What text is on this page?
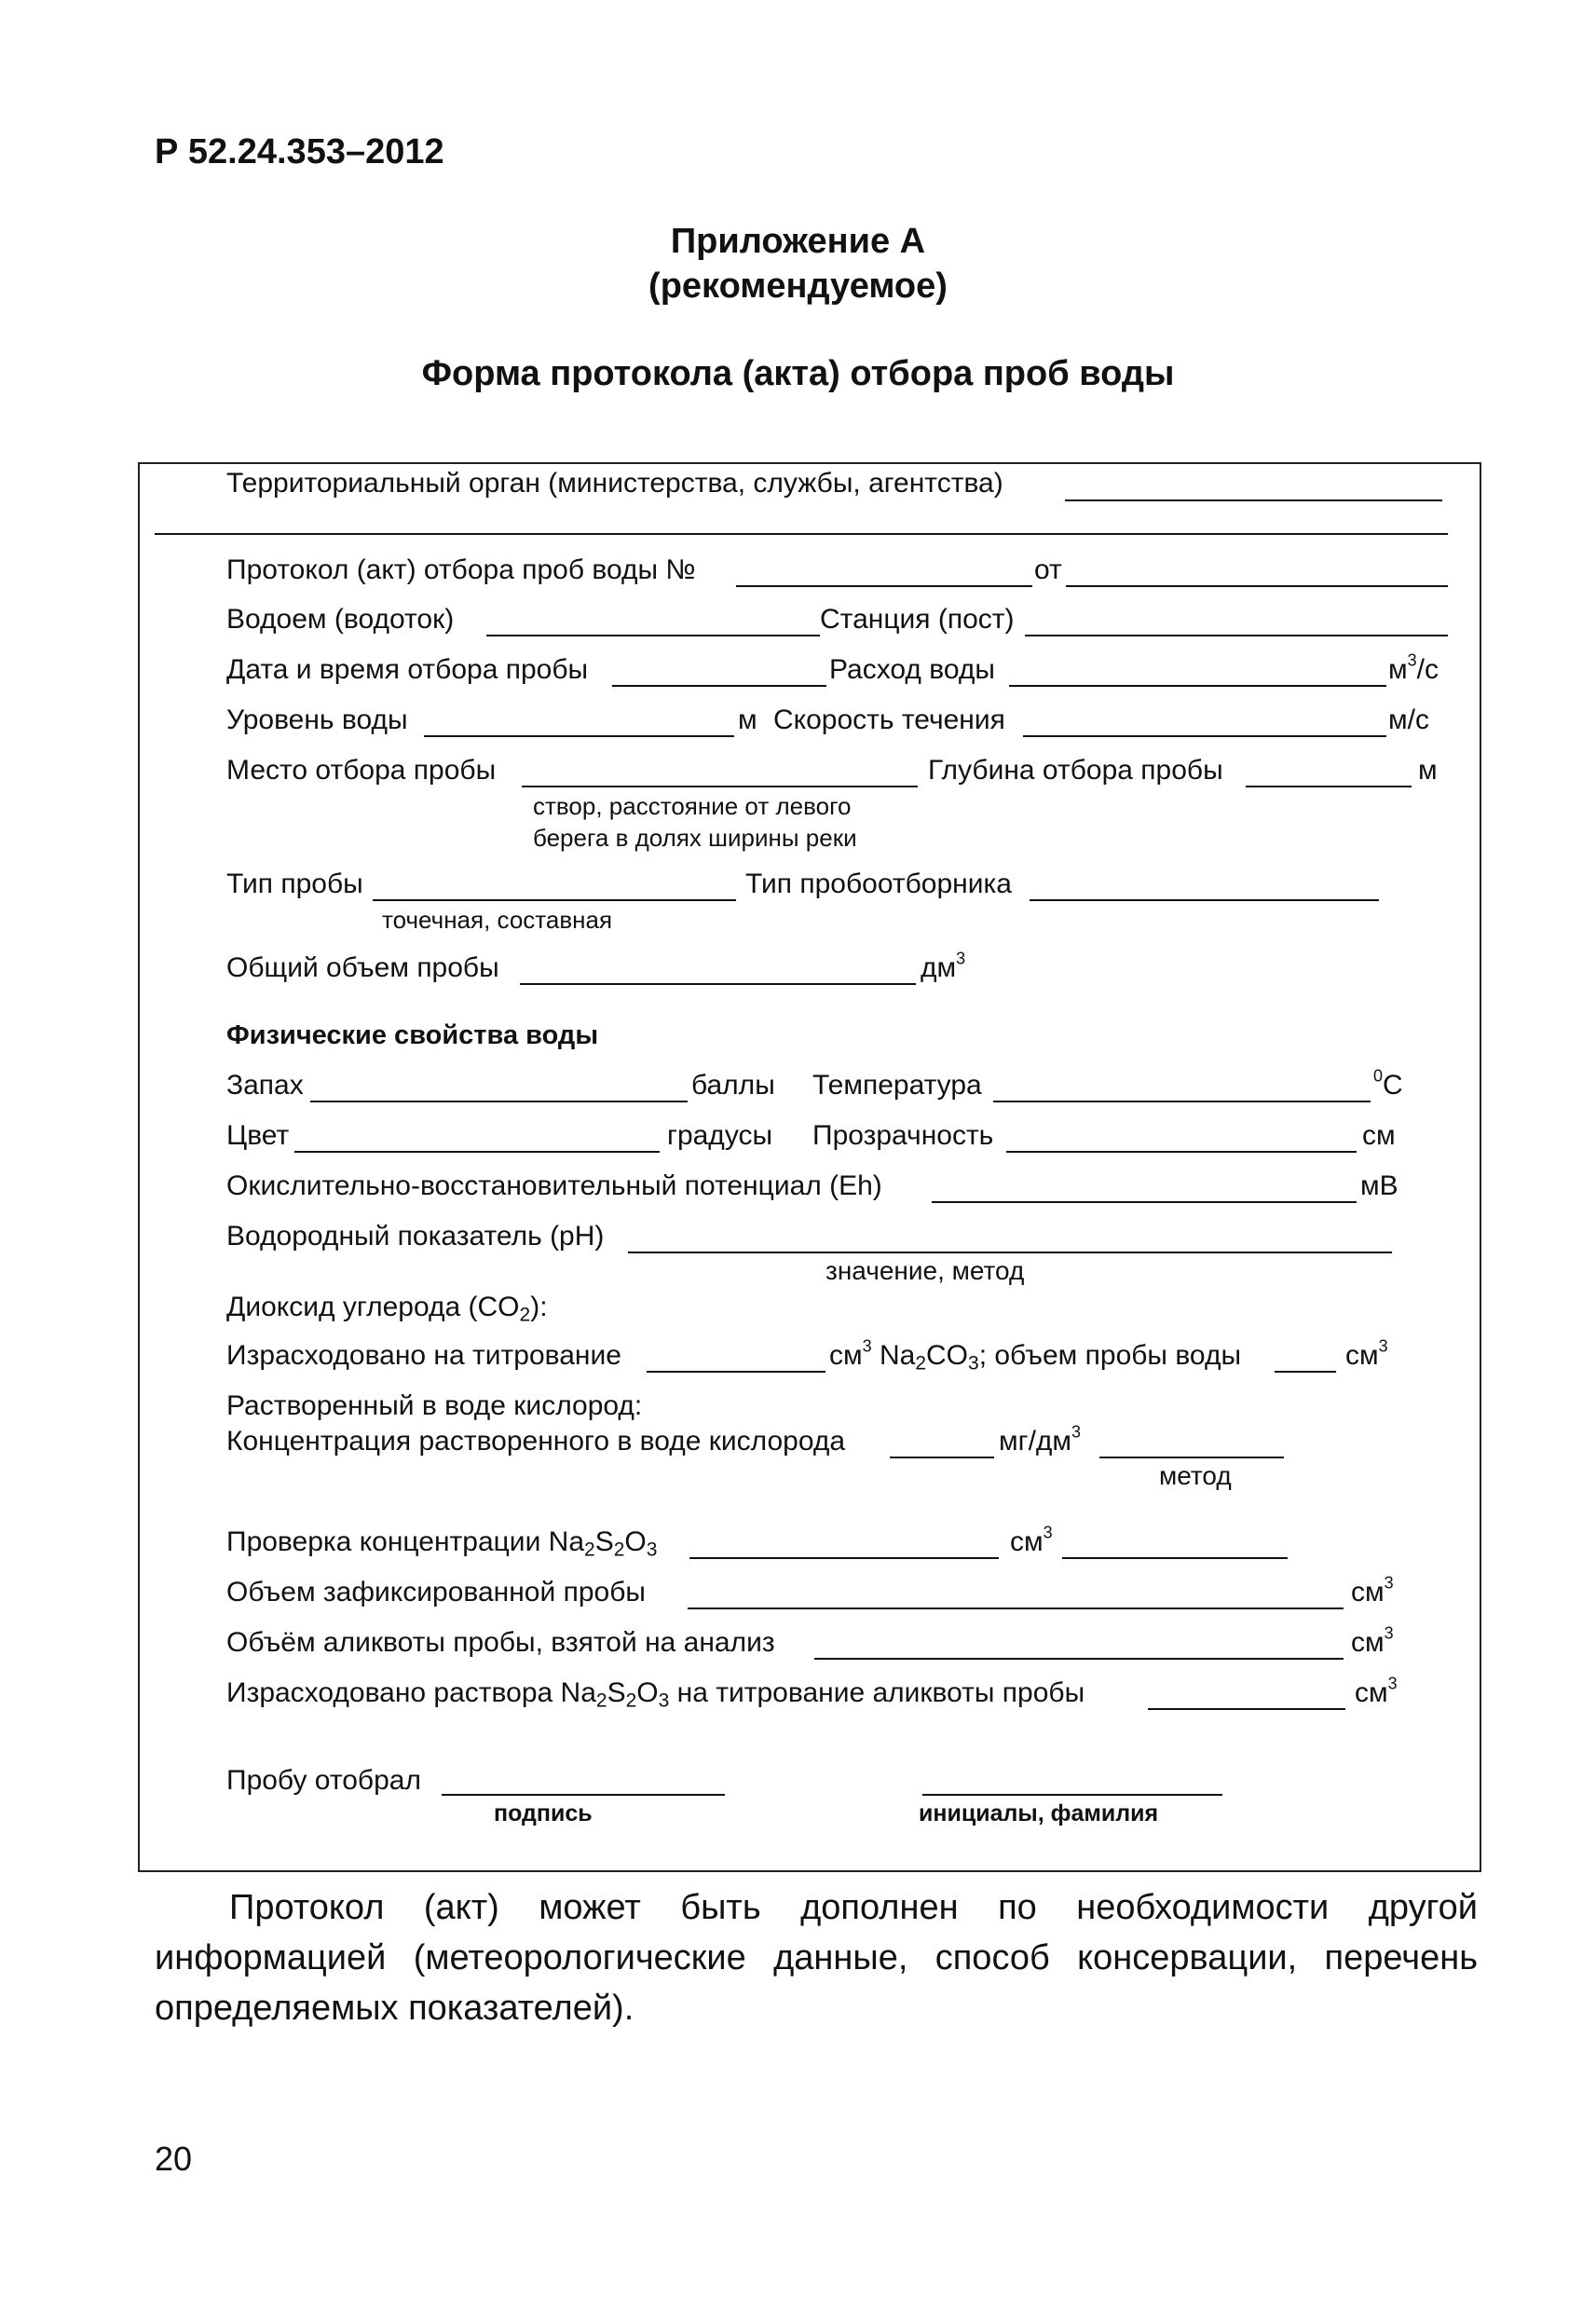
Р 52.24.353–2012
Приложение А
(рекомендуемое)
Форма протокола (акта) отбора проб воды
Территориальный орган (министерства, службы, агентства)
Протокол (акт) отбора проб воды №	от
Водоем (водоток)	Станция (пост)
Дата и время отбора пробы	Расход воды	$м^3/с$
Уровень воды	м Скорость течения	м/с
Место отбора пробы	Глубина отбора пробы	м
створ, расстояние от левого
берега в долях ширины реки
Тип пробы	Тип пробоотборника
точечная, составная
Общий объем пробы	$дм^3$
Физические свойства воды
Запах	баллы Температура	$^0$С
Цвет	градусы Прозрачность	см
Окислительно-восстановительный потенциал (Eh)	мВ
Водородный показатель (pH)
значение, метод
Диоксид углерода $(CO_2)$:
Израсходовано на титрование	$см^3$ $Na_2CO_3$; объем пробы воды	$см^3$
Растворенный в воде кислород:
Концентрация растворенного в воде кислорода	$мг/дм^3$
метод
Проверка концентрации $Na_2S_2O_3$	$см^3$
Объем зафиксированной пробы	$см^3$
Объём аликвоты пробы, взятой на анализ	$см^3$
Израсходовано раствора $Na_2S_2O_3$ на титрование аликвоты пробы	$см^3$
Пробу отобрал
подпись	инициалы, фамилия

Протокол (акт) может быть дополнен по необходимости другой информацией (метеорологические данные, способ консервации, перечень определяемых показателей).

20
